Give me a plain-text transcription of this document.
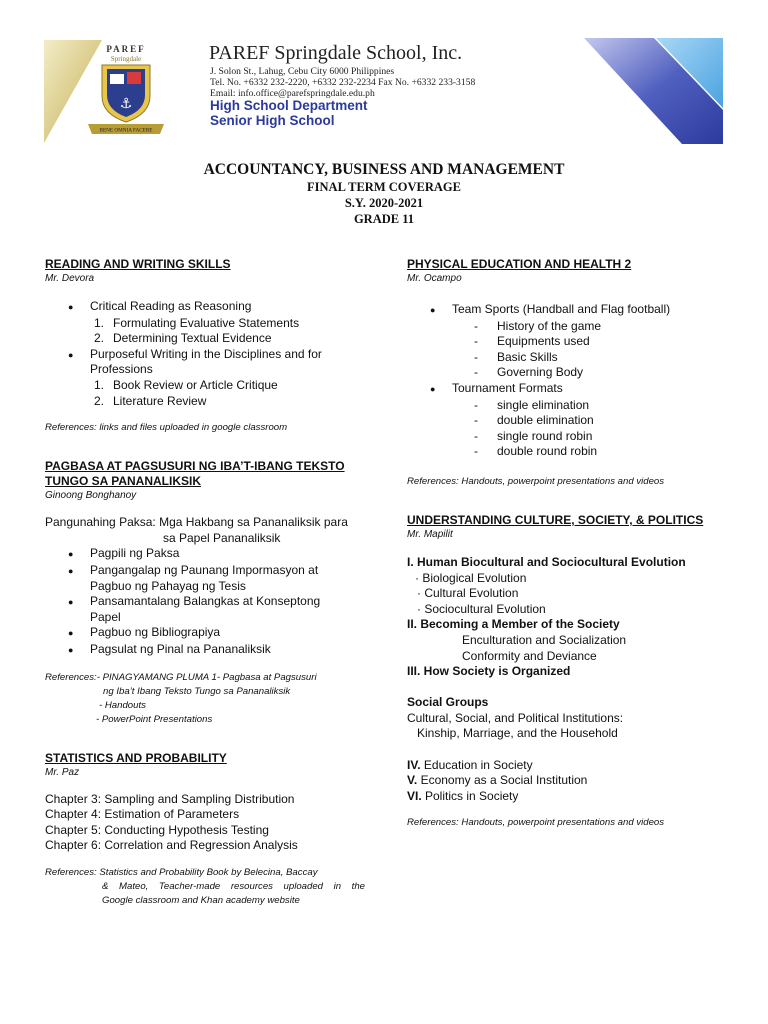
PAREF
Springdale
⚓
BENE OMNIA FACERE
PAREF Springdale School, Inc.
J. Solon St., Lahug, Cebu City 6000 Philippines
Tel. No. +6332 232-2220, +6332 232-2234 Fax No. +6332 233-3158
Email: info.office@parefspringdale.edu.ph
High School Department
Senior High School
ACCOUNTANCY, BUSINESS AND MANAGEMENT
FINAL TERM COVERAGE
S.Y. 2020-2021
GRADE 11
READING AND WRITING SKILLS
Mr. Devora
●	Critical Reading as Reasoning
1. Formulating Evaluative Statements
2. Determining Textual Evidence
●	Purposeful Writing in the Disciplines and for
Professions
1. Book Review or Article Critique
2. Literature Review
References: links and files uploaded in google classroom
PAGBASA AT PAGSUSURI NG IBA’T-IBANG TEKSTO
TUNGO SA PANANALIKSIK
Ginoong Bonghanoy
Pangunahing Paksa: Mga Hakbang sa Pananaliksik para
sa Papel Pananaliksik
●	Pagpili ng Paksa
●	Pangangalap ng Paunang Impormasyon at
Pagbuo ng Pahayag ng Tesis
●	Pansamantalang Balangkas at Konseptong
Papel
●	Pagbuo ng Bibliograpiya
●	Pagsulat ng Pinal na Pananaliksik
References:- PINAGYAMANG PLUMA 1- Pagbasa at Pagsusuri
ng Iba’t Ibang Teksto Tungo sa Pananaliksik
- Handouts
- PowerPoint Presentations
STATISTICS AND PROBABILITY
Mr. Paz
Chapter 3: Sampling and Sampling Distribution
Chapter 4: Estimation of Parameters
Chapter 5: Conducting Hypothesis Testing
Chapter 6: Correlation and Regression Analysis
References: Statistics and Probability Book by Belecina, Baccay
& Mateo, Teacher-made resources uploaded in the
Google classroom and Khan academy website
PHYSICAL EDUCATION AND HEALTH 2
Mr. Ocampo
●	Team Sports (Handball and Flag football)
-	History of the game
-	Equipments used
-	Basic Skills
-	Governing Body
●	Tournament Formats
-	single elimination
-	double elimination
-	single round robin
-	double round robin
References: Handouts, powerpoint presentations and videos
UNDERSTANDING CULTURE, SOCIETY, & POLITICS
Mr. Mapilit
I. Human Biocultural and Sociocultural Evolution
· Biological Evolution
· Cultural Evolution
· Sociocultural Evolution
II. Becoming a Member of the Society
Enculturation and Socialization
Conformity and Deviance
III. How Society is Organized
Social Groups
Cultural, Social, and Political Institutions:
Kinship, Marriage, and the Household
IV. Education in Society
V. Economy as a Social Institution
VI. Politics in Society
References: Handouts, powerpoint presentations and videos
